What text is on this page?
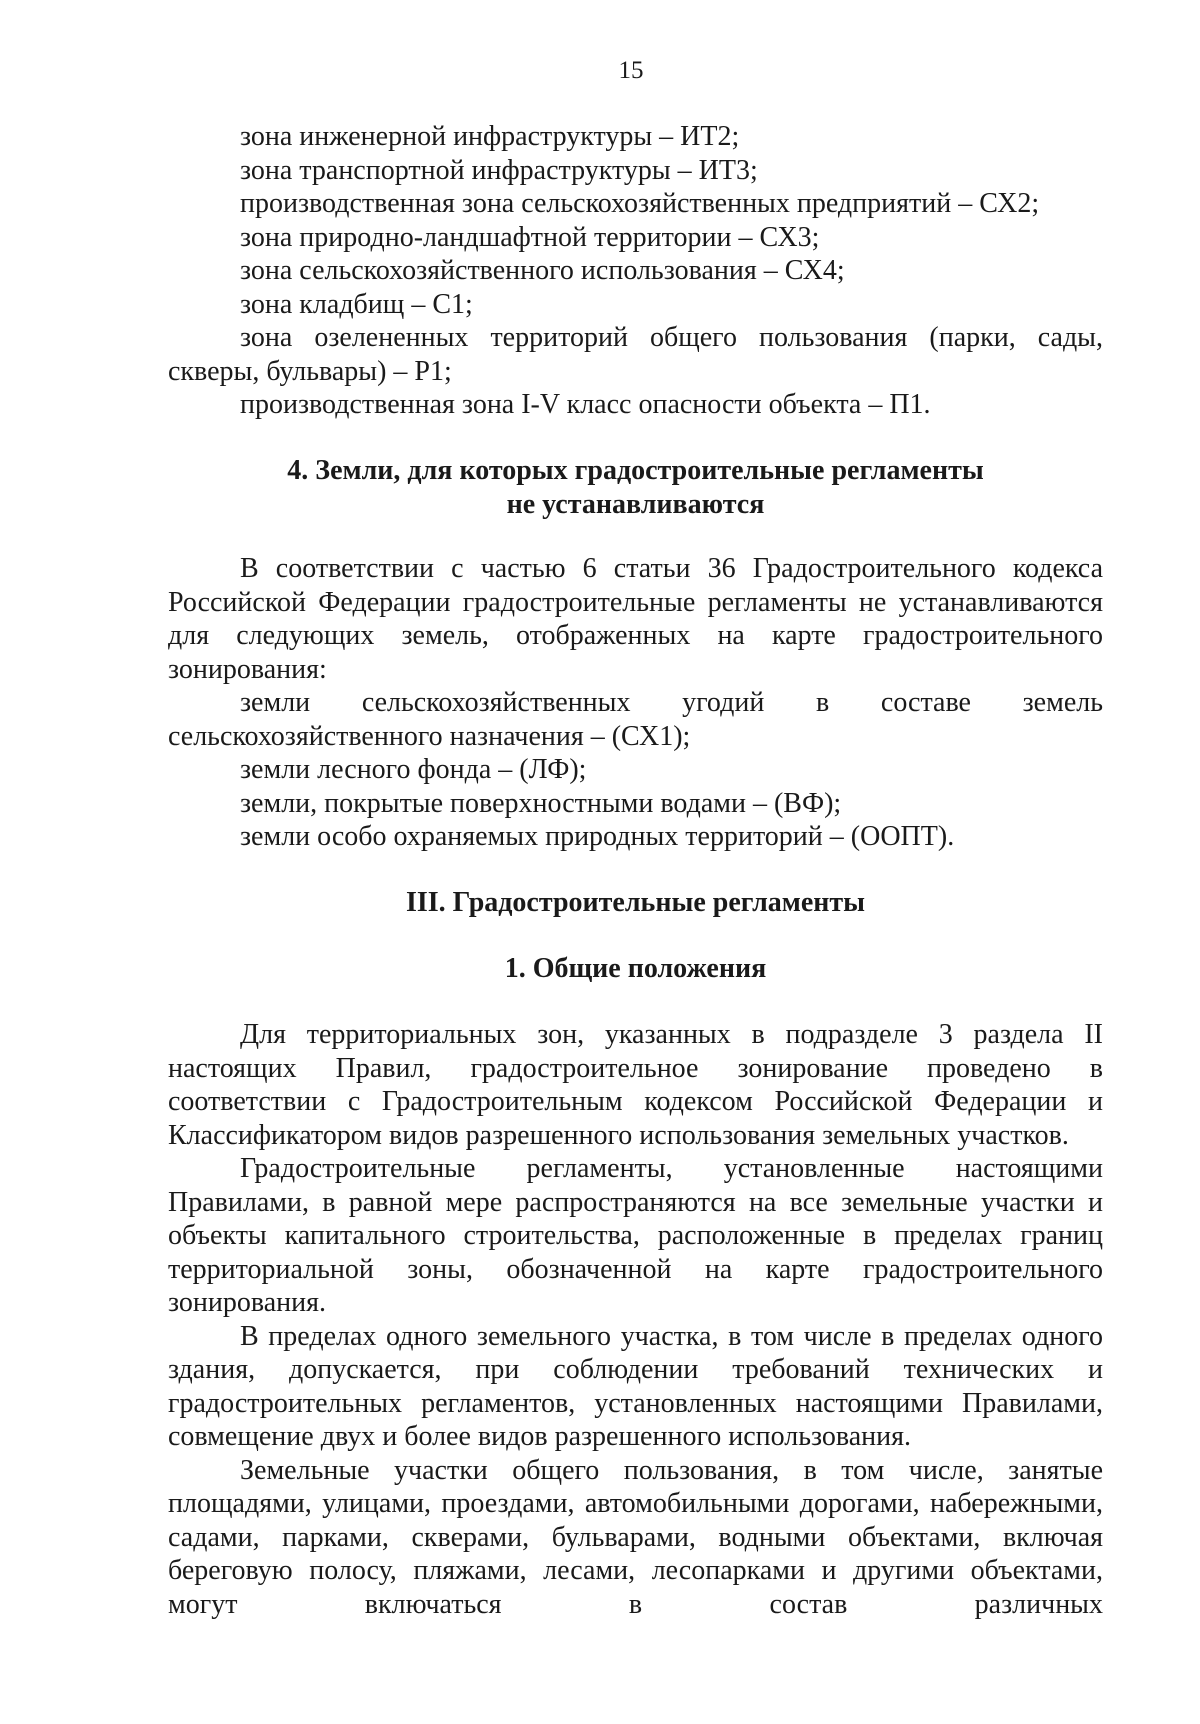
15

зона инженерной инфраструктуры – ИТ2;

зона транспортной инфраструктуры – ИТ3;

производственная зона сельскохозяйственных предприятий – СХ2;

зона природно-ландшафтной территории – СХ3;

зона сельскохозяйственного использования – СХ4;

зона кладбищ – С1;

зона озелененных территорий общего пользования (парки, сады, скверы, бульвары) – Р1;

производственная зона I-V класс опасности объекта – П1.

4. Земли, для которых градостроительные регламенты

не устанавливаются

В соответствии с частью 6 статьи 36 Градостроительного кодекса Российской Федерации градостроительные регламенты не устанавливаются для следующих земель, отображенных на карте градостроительного зонирования:

земли сельскохозяйственных угодий в составе земель сельскохозяйственного назначения – (СХ1);

земли лесного фонда – (ЛФ);

земли, покрытые поверхностными водами – (ВФ);

земли особо охраняемых природных территорий – (ООПТ).

III. Градостроительные регламенты

1. Общие положения

Для территориальных зон, указанных в подразделе 3 раздела II настоящих Правил, градостроительное зонирование проведено в соответствии с Градостроительным кодексом Российской Федерации и Классификатором видов разрешенного использования земельных участков.

Градостроительные регламенты, установленные настоящими Правилами, в равной мере распространяются на все земельные участки и объекты капитального строительства, расположенные в пределах границ территориальной зоны, обозначенной на карте градостроительного зонирования.

В пределах одного земельного участка, в том числе в пределах одного здания, допускается, при соблюдении требований технических и градостроительных регламентов, установленных настоящими Правилами, совмещение двух и более видов разрешенного использования.

Земельные участки общего пользования, в том числе, занятые площадями, улицами, проездами, автомобильными дорогами, набережными, садами, парками, скверами, бульварами, водными объектами, включая береговую полосу, пляжами, лесами, лесопарками и другими объектами, могут включаться в состав различных
